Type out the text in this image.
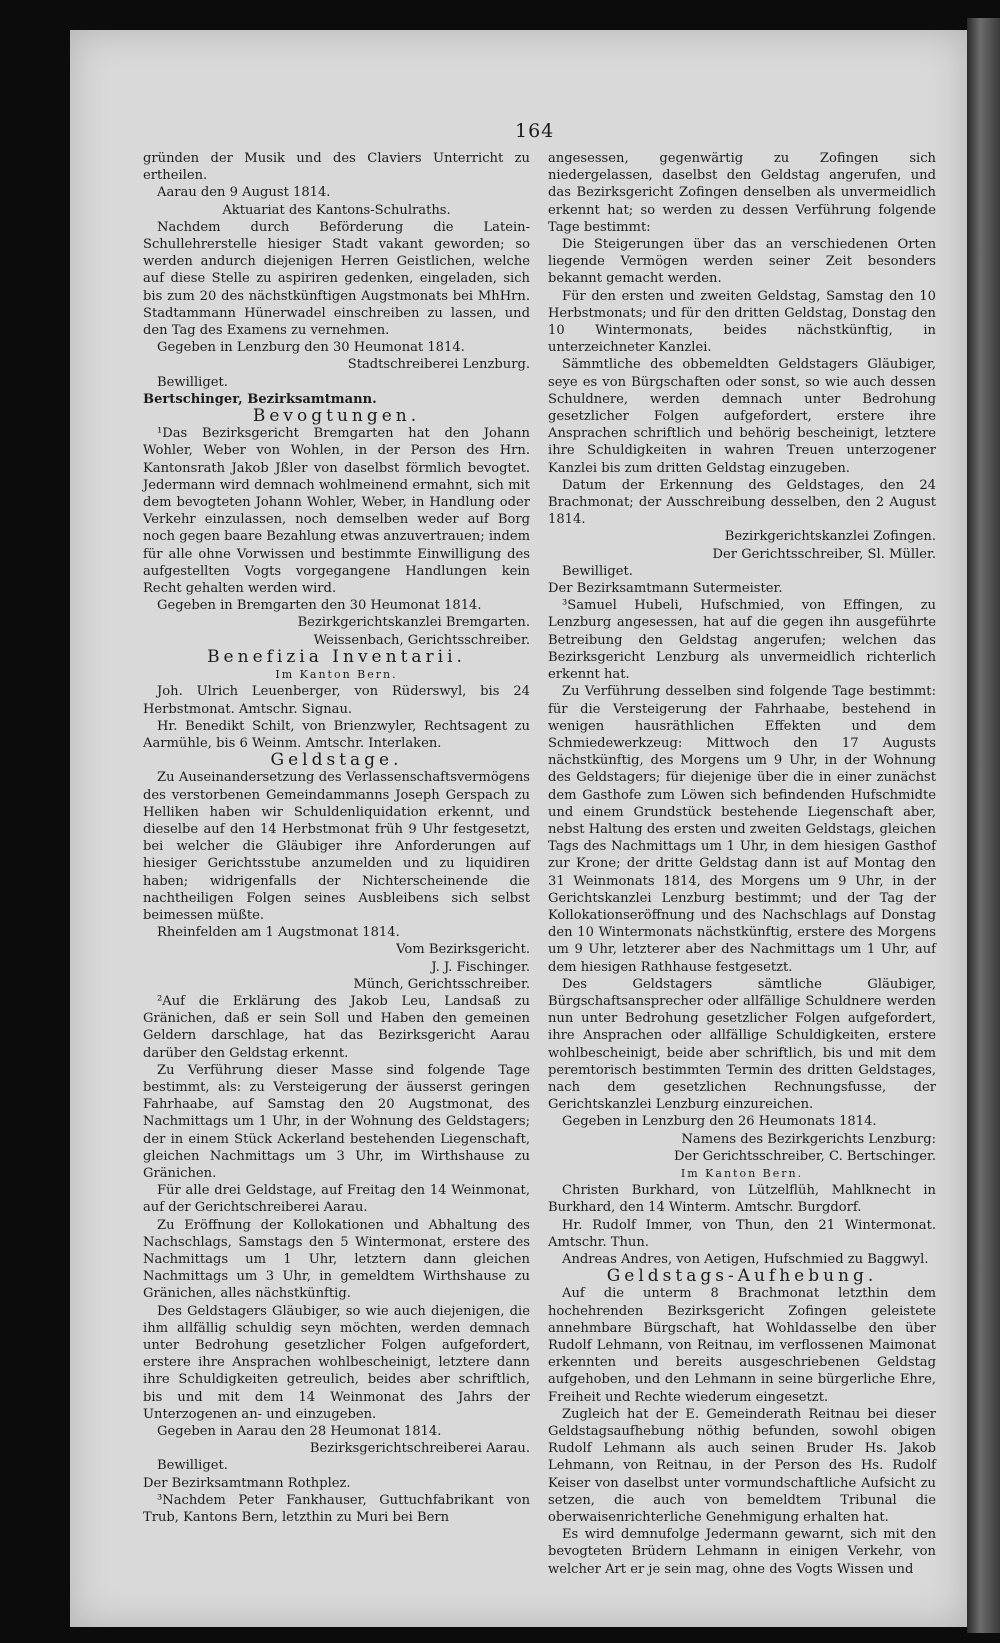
164

gründen der Musik und des Claviers Unterricht zu ertheilen.

Aarau den 9 August 1814.

Aktuariat des Kantons-Schulraths.

Nachdem durch Beförderung die Latein-Schullehrerstelle hiesiger Stadt vakant geworden; so werden andurch diejenigen Herren Geistlichen, welche auf diese Stelle zu aspiriren gedenken, eingeladen, sich bis zum 20 des nächstkünftigen Augstmonats bei MhHrn. Stadtammann Hünerwadel einschreiben zu lassen, und den Tag des Examens zu vernehmen.

Gegeben in Lenzburg den 30 Heumonat 1814.

Stadtschreiberei Lenzburg.

Bewilliget.

Bertschinger, Bezirksamtmann.

Bevogtungen.

¹Das Bezirksgericht Bremgarten hat den Johann Wohler, Weber von Wohlen, in der Person des Hrn. Kantonsrath Jakob Jßler von daselbst förmlich bevogtet. Jedermann wird demnach wohlmeinend ermahnt, sich mit dem bevogteten Johann Wohler, Weber, in Handlung oder Verkehr einzulassen, noch demselben weder auf Borg noch gegen baare Bezahlung etwas anzuvertrauen; indem für alle ohne Vorwissen und bestimmte Einwilligung des aufgestellten Vogts vorgegangene Handlungen kein Recht gehalten werden wird.

Gegeben in Bremgarten den 30 Heumonat 1814.

Bezirkgerichtskanzlei Bremgarten.

Weissenbach, Gerichtsschreiber.

Benefizia Inventarii.

Im Kanton Bern.

Joh. Ulrich Leuenberger, von Rüderswyl, bis 24 Herbstmonat. Amtschr. Signau.

Hr. Benedikt Schilt, von Brienzwyler, Rechtsagent zu Aarmühle, bis 6 Weinm. Amtschr. Interlaken.

Geldstage.

Zu Auseinandersetzung des Verlassenschaftsvermögens des verstorbenen Gemeindammanns Joseph Gerspach zu Helliken haben wir Schuldenliquidation erkennt, und dieselbe auf den 14 Herbstmonat früh 9 Uhr festgesetzt, bei welcher die Gläubiger ihre Anforderungen auf hiesiger Gerichtsstube anzumelden und zu liquidiren haben; widrigenfalls der Nichterscheinende die nachtheiligen Folgen seines Ausbleibens sich selbst beimessen müßte.

Rheinfelden am 1 Augstmonat 1814.

Vom Bezirksgericht.

J. J. Fischinger.

Münch, Gerichtsschreiber.

²Auf die Erklärung des Jakob Leu, Landsaß zu Gränichen, daß er sein Soll und Haben den gemeinen Geldern darschlage, hat das Bezirksgericht Aarau darüber den Geldstag erkennt.

Zu Verführung dieser Masse sind folgende Tage bestimmt, als: zu Versteigerung der äusserst geringen Fahrhaabe, auf Samstag den 20 Augstmonat, des Nachmittags um 1 Uhr, in der Wohnung des Geldstagers; der in einem Stück Ackerland bestehenden Liegenschaft, gleichen Nachmittags um 3 Uhr, im Wirthshause zu Gränichen.

Für alle drei Geldstage, auf Freitag den 14 Weinmonat, auf der Gerichtschreiberei Aarau.

Zu Eröffnung der Kollokationen und Abhaltung des Nachschlags, Samstags den 5 Wintermonat, erstere des Nachmittags um 1 Uhr, letztern dann gleichen Nachmittags um 3 Uhr, in gemeldtem Wirthshause zu Gränichen, alles nächstkünftig.

Des Geldstagers Gläubiger, so wie auch diejenigen, die ihm allfällig schuldig seyn möchten, werden demnach unter Bedrohung gesetzlicher Folgen aufgefordert, erstere ihre Ansprachen wohlbescheinigt, letztere dann ihre Schuldigkeiten getreulich, beides aber schriftlich, bis und mit dem 14 Weinmonat des Jahrs der Unterzogenen an- und einzugeben.

Gegeben in Aarau den 28 Heumonat 1814.

Bezirksgerichtschreiberei Aarau.

Bewilliget.

Der Bezirksamtmann Rothplez.

³Nachdem Peter Fankhauser, Guttuchfabrikant von Trub, Kantons Bern, letzthin zu Muri bei Bern

angesessen, gegenwärtig zu Zofingen sich niedergelassen, daselbst den Geldstag angerufen, und das Bezirksgericht Zofingen denselben als unvermeidlich erkennt hat; so werden zu dessen Verführung folgende Tage bestimmt:

Die Steigerungen über das an verschiedenen Orten liegende Vermögen werden seiner Zeit besonders bekannt gemacht werden.

Für den ersten und zweiten Geldstag, Samstag den 10 Herbstmonats; und für den dritten Geldstag, Donstag den 10 Wintermonats, beides nächstkünftig, in unterzeichneter Kanzlei.

Sämmtliche des obbemeldten Geldstagers Gläubiger, seye es von Bürgschaften oder sonst, so wie auch dessen Schuldnere, werden demnach unter Bedrohung gesetzlicher Folgen aufgefordert, erstere ihre Ansprachen schriftlich und behörig bescheinigt, letztere ihre Schuldigkeiten in wahren Treuen unterzogener Kanzlei bis zum dritten Geldstag einzugeben.

Datum der Erkennung des Geldstages, den 24 Brachmonat; der Ausschreibung desselben, den 2 August 1814.

Bezirkgerichtskanzlei Zofingen.

Der Gerichtsschreiber, Sl. Müller.

Bewilliget.

Der Bezirksamtmann Sutermeister.

³Samuel Hubeli, Hufschmied, von Effingen, zu Lenzburg angesessen, hat auf die gegen ihn ausgeführte Betreibung den Geldstag angerufen; welchen das Bezirksgericht Lenzburg als unvermeidlich richterlich erkennt hat.

Zu Verführung desselben sind folgende Tage bestimmt: für die Versteigerung der Fahrhaabe, bestehend in wenigen hausräthlichen Effekten und dem Schmiedewerkzeug: Mittwoch den 17 Augusts nächstkünftig, des Morgens um 9 Uhr, in der Wohnung des Geldstagers; für diejenige über die in einer zunächst dem Gasthofe zum Löwen sich befindenden Hufschmidte und einem Grundstück bestehende Liegenschaft aber, nebst Haltung des ersten und zweiten Geldstags, gleichen Tags des Nachmittags um 1 Uhr, in dem hiesigen Gasthof zur Krone; der dritte Geldstag dann ist auf Montag den 31 Weinmonats 1814, des Morgens um 9 Uhr, in der Gerichtskanzlei Lenzburg bestimmt; und der Tag der Kollokationseröffnung und des Nachschlags auf Donstag den 10 Wintermonats nächstkünftig, erstere des Morgens um 9 Uhr, letzterer aber des Nachmittags um 1 Uhr, auf dem hiesigen Rathhause festgesetzt.

Des Geldstagers sämtliche Gläubiger, Bürgschaftsansprecher oder allfällige Schuldnere werden nun unter Bedrohung gesetzlicher Folgen aufgefordert, ihre Ansprachen oder allfällige Schuldigkeiten, erstere wohlbescheinigt, beide aber schriftlich, bis und mit dem peremtorisch bestimmten Termin des dritten Geldstages, nach dem gesetzlichen Rechnungsfusse, der Gerichtskanzlei Lenzburg einzureichen.

Gegeben in Lenzburg den 26 Heumonats 1814.

Namens des Bezirkgerichts Lenzburg:

Der Gerichtsschreiber, C. Bertschinger.

Im Kanton Bern.

Christen Burkhard, von Lützelflüh, Mahlknecht in Burkhard, den 14 Winterm. Amtschr. Burgdorf.

Hr. Rudolf Immer, von Thun, den 21 Wintermonat. Amtschr. Thun.

Andreas Andres, von Aetigen, Hufschmied zu Baggwyl.

Geldstags-Aufhebung.

Auf die unterm 8 Brachmonat letzthin dem hochehrenden Bezirksgericht Zofingen geleistete annehmbare Bürgschaft, hat Wohldasselbe den über Rudolf Lehmann, von Reitnau, im verflossenen Maimonat erkennten und bereits ausgeschriebenen Geldstag aufgehoben, und den Lehmann in seine bürgerliche Ehre, Freiheit und Rechte wiederum eingesetzt.

Zugleich hat der E. Gemeinderath Reitnau bei dieser Geldstagsaufhebung nöthig befunden, sowohl obigen Rudolf Lehmann als auch seinen Bruder Hs. Jakob Lehmann, von Reitnau, in der Person des Hs. Rudolf Keiser von daselbst unter vormundschaftliche Aufsicht zu setzen, die auch von bemeldtem Tribunal die oberwaisenrichterliche Genehmigung erhalten hat.

Es wird demnufolge Jedermann gewarnt, sich mit den bevogteten Brüdern Lehmann in einigen Verkehr, von welcher Art er je sein mag, ohne des Vogts Wissen und
